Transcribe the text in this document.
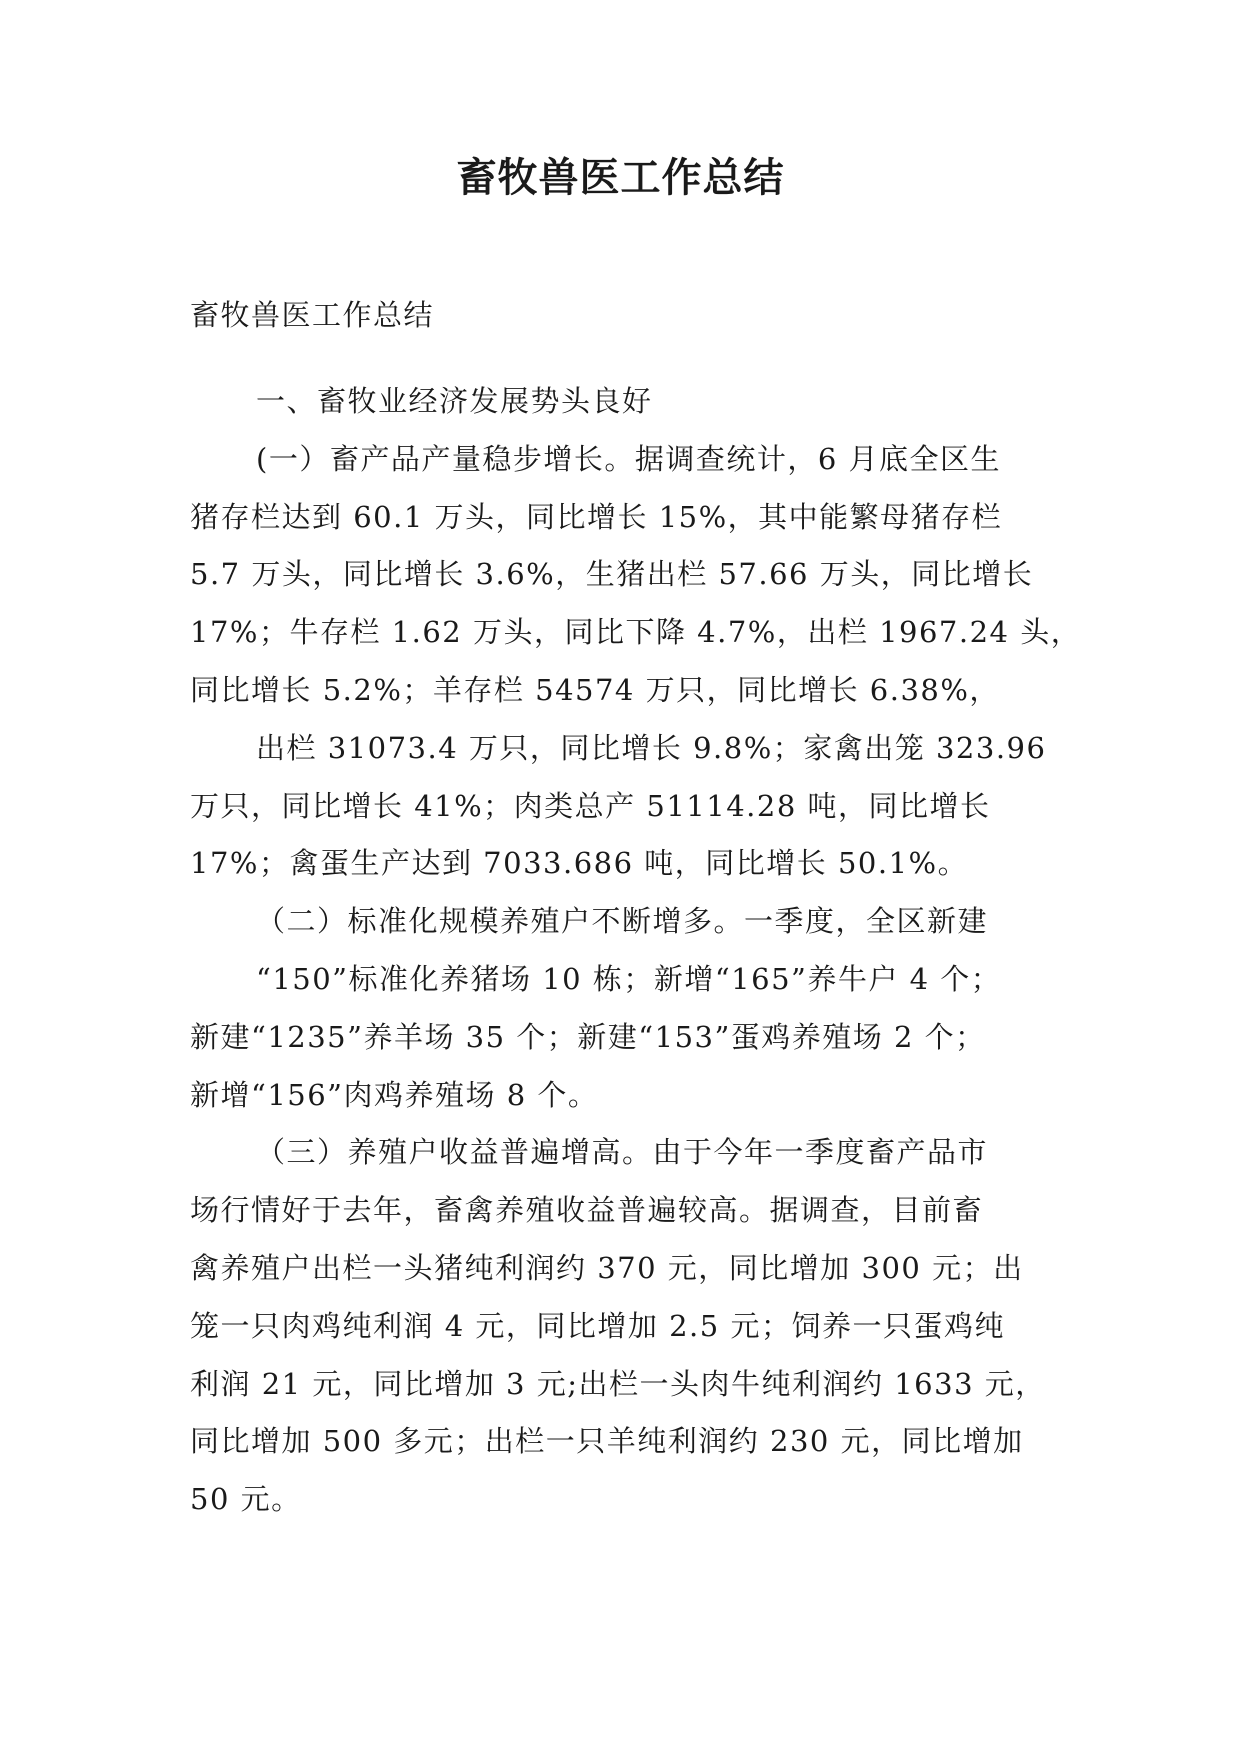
畜牧兽医工作总结

畜牧兽医工作总结

一、畜牧业经济发展势头良好
(一）畜产品产量稳步增长。据调查统计，6 月底全区生
猪存栏达到 60.1 万头，同比增长 15%，其中能繁母猪存栏
5.7 万头，同比增长 3.6%，生猪出栏 57.66 万头，同比增长
17%；牛存栏 1.62 万头，同比下降 4.7%，出栏 1967.24 头，
同比增长 5.2%；羊存栏 54574 万只，同比增长 6.38%，
出栏 31073.4 万只，同比增长 9.8%；家禽出笼 323.96
万只，同比增长 41%；肉类总产 51114.28 吨，同比增长
17%；禽蛋生产达到 7033.686 吨，同比增长 50.1%。
（二）标准化规模养殖户不断增多。一季度，全区新建
“150”标准化养猪场 10 栋；新增“165”养牛户 4 个；
新建“1235”养羊场 35 个；新建“153”蛋鸡养殖场 2 个；
新增“156”肉鸡养殖场 8 个。
（三）养殖户收益普遍增高。由于今年一季度畜产品市
场行情好于去年，畜禽养殖收益普遍较高。据调查，目前畜
禽养殖户出栏一头猪纯利润约 370 元，同比增加 300 元；出
笼一只肉鸡纯利润 4 元，同比增加 2.5 元；饲养一只蛋鸡纯
利润 21 元，同比增加 3 元;出栏一头肉牛纯利润约 1633 元，
同比增加 500 多元；出栏一只羊纯利润约 230 元，同比增加
50 元。
